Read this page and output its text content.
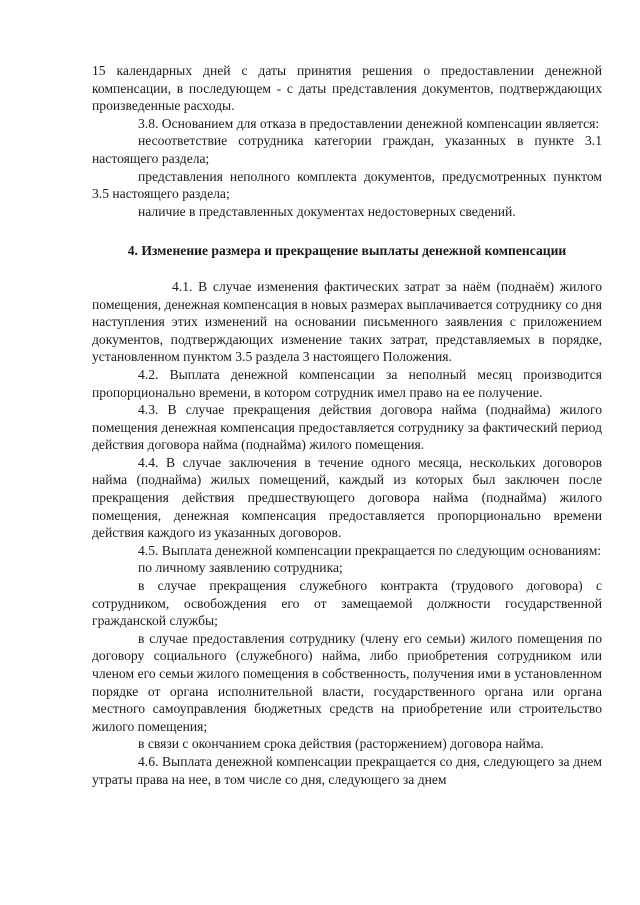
15 календарных дней с даты принятия решения о предоставлении денежной компенсации, в последующем - с даты представления документов, подтверждающих произведенные расходы.

3.8. Основанием для отказа в предоставлении денежной компенсации является:

несоответствие сотрудника категории граждан, указанных в пункте 3.1 настоящего раздела;

представления неполного комплекта документов, предусмотренных пунктом 3.5 настоящего раздела;

наличие в представленных документах недостоверных сведений.

4. Изменение размера и прекращение выплаты денежной компенсации

4.1. В случае изменения фактических затрат за наём (поднаём) жилого помещения, денежная компенсация в новых размерах выплачивается сотруднику со дня наступления этих изменений на основании письменного заявления с приложением документов, подтверждающих изменение таких затрат, представляемых в порядке, установленном пунктом 3.5 раздела 3 настоящего Положения.

4.2. Выплата денежной компенсации за неполный месяц производится пропорционально времени, в котором сотрудник имел право на ее получение.

4.3. В случае прекращения действия договора найма (поднайма) жилого помещения денежная компенсация предоставляется сотруднику за фактический период действия договора найма (поднайма) жилого помещения.

4.4. В случае заключения в течение одного месяца, нескольких договоров найма (поднайма) жилых помещений, каждый из которых был заключен после прекращения действия предшествующего договора найма (поднайма) жилого помещения, денежная компенсация предоставляется пропорционально времени действия каждого из указанных договоров.

4.5. Выплата денежной компенсации прекращается по следующим основаниям:

по личному заявлению сотрудника;

в случае прекращения служебного контракта (трудового договора) с сотрудником, освобождения его от замещаемой должности государственной гражданской службы;

в случае предоставления сотруднику (члену его семьи) жилого помещения по договору социального (служебного) найма, либо приобретения сотрудником или членом его семьи жилого помещения в собственность, получения ими в установленном порядке от органа исполнительной власти, государственного органа или органа местного самоуправления бюджетных средств на приобретение или строительство жилого помещения;

в связи с окончанием срока действия (расторжением) договора найма.

4.6. Выплата денежной компенсации прекращается со дня, следующего за днем утраты права на нее, в том числе со дня, следующего за днем
